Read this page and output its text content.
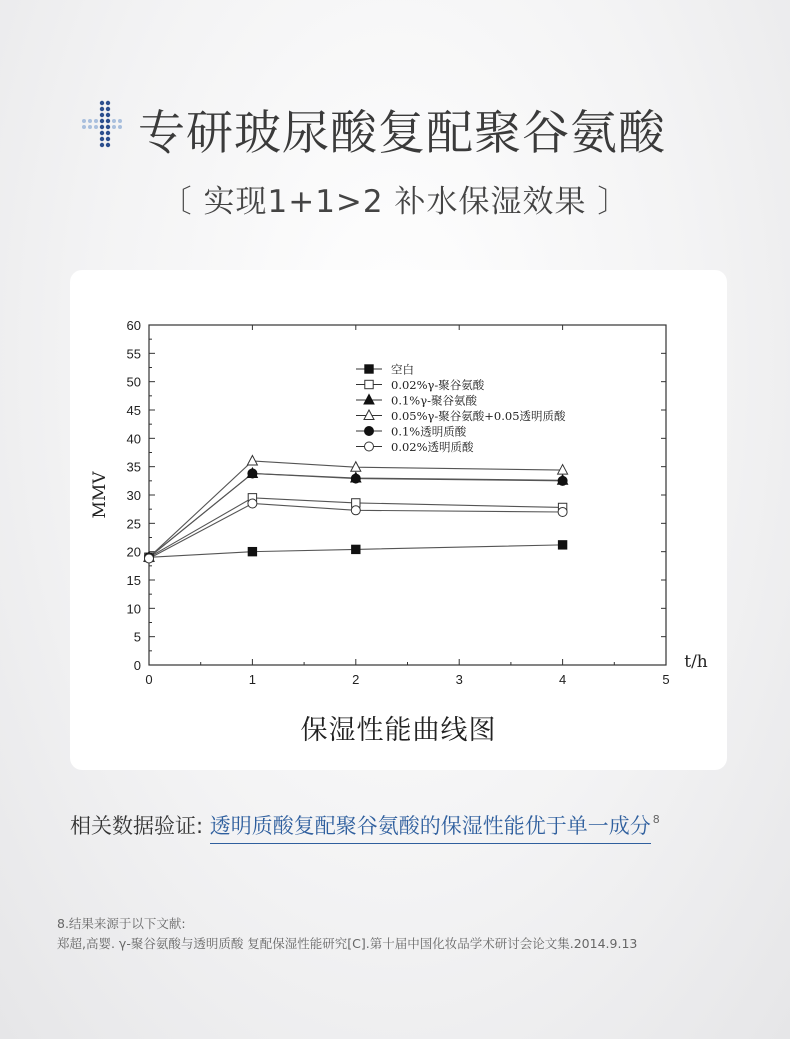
专研玻尿酸复配聚谷氨酸
〔 实现1+1>2 补水保湿效果 〕
0
5
10
15
20
25
30
35
40
45
50
55
60
0	1	2	3	4	5
t/h
MMV
空白
0.02%γ-聚谷氨酸
0.1%γ-聚谷氨酸
0.05%γ-聚谷氨酸+0.05透明质酸
0.1%透明质酸
0.02%透明质酸
保湿性能曲线图
相关数据验证: 透明质酸复配聚谷氨酸的保湿性能优于单一成分 $^8$
8.结果来源于以下文献:
郑超,高婴. γ-聚谷氨酸与透明质酸 复配保湿性能研究[C].第十届中国化妆品学术研讨会论文集.2014.9.13
